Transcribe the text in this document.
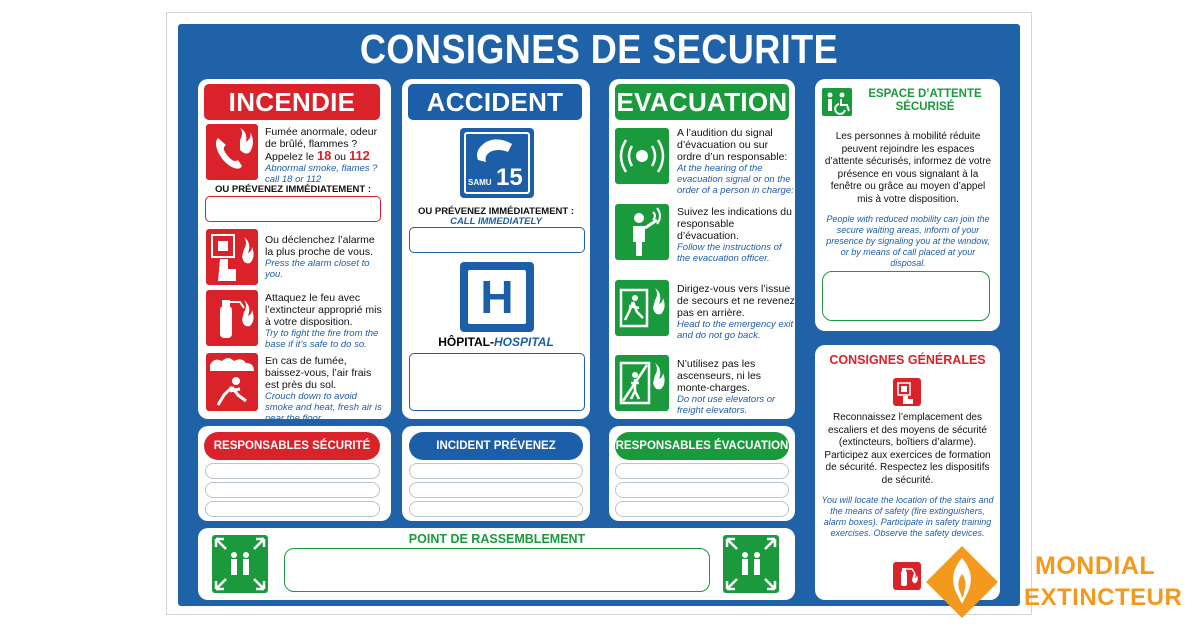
CONSIGNES DE SECURITE
INCENDIE
Fumée anormale, odeur de brûlé, flammes ? Appelez le 18 ou 112
Abnormal smoke, flames ? call 18 or 112
OU PRÉVENEZ IMMÉDIATEMENT :
Ou déclenchez l’alarme la plus proche de vous.
Press the alarm closet to you.
Attaquez le feu avec l’extincteur approprié mis à votre disposition.
Try to fight the fire from the base if it’s safe to do so.
En cas de fumée, baissez-vous, l’air frais est près du sol.
Crouch down to avoid smoke and heat, fresh air is near the floor.
ACCIDENT
SAMU 15
OU PRÉVENEZ IMMÉDIATEMENT :
CALL IMMEDIATELY
H
HÔPITAL-HOSPITAL
EVACUATION
A l’audition du signal d’évacuation ou sur ordre d’un responsable:
At the hearing of the evacuation signal or on the order of a person in charge:
Suivez les indications du responsable d’évacuation.
Follow the instructions of the evacuation officer.
Dirigez-vous vers l’issue de secours et ne revenez pas en arrière.
Head to the emergency exit and do not go back.
N’utilisez pas les ascenseurs, ni les monte-charges.
Do not use elevators or freight elevators.
ESPACE D’ATTENTE SÉCURISÉ
Les personnes à mobilité réduite peuvent rejoindre les espaces d’attente sécurisés, informez de votre présence en vous signalant à la fenêtre ou grâce au moyen d’appel mis à votre disposition.
People with reduced mobility can join the secure waiting areas, inform of your presence by signaling you at the window, or by means of call placed at your disposal.
CONSIGNES GÉNÉRALES
Reconnaissez l’emplacement des escaliers et des moyens de sécurité (extincteurs, boîtiers d’alarme). Participez aux exercices de formation de sécurité. Respectez les dispositifs de sécurité.
You will locate the location of the stairs and the means of safety (fire extinguishers, alarm boxes). Participate in safety training exercises. Observe the safety devices.
RESPONSABLES SÉCURITÉ	INCIDENT PRÉVENEZ	RESPONSABLES ÉVACUATION
POINT DE RASSEMBLEMENT
CSP1446-E
MONDIAL
EXTINCTEUR
